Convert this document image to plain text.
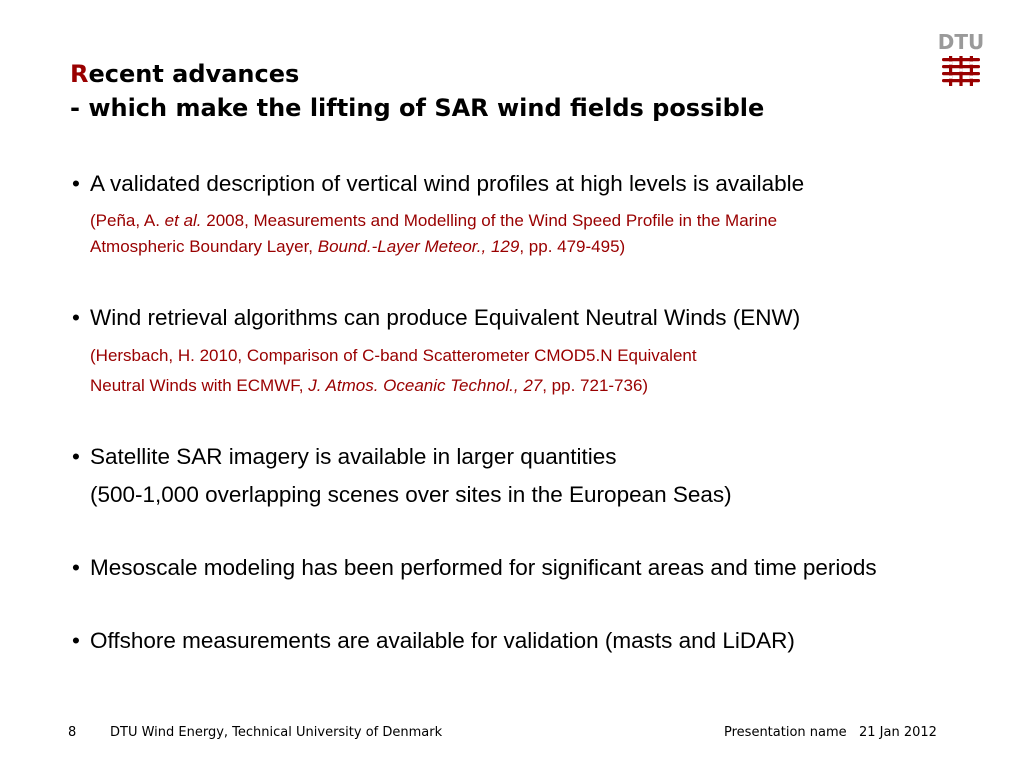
Recent advances
- which make the lifting of SAR wind fields possible
DTU
• A validated description of vertical wind profiles at high levels is available
(Peña, A. et al. 2008, Measurements and Modelling of the Wind Speed Profile in the Marine
Atmospheric Boundary Layer, Bound.-Layer Meteor., 129, pp. 479-495)
• Wind retrieval algorithms can produce Equivalent Neutral Winds (ENW)
(Hersbach, H. 2010, Comparison of C-band Scatterometer CMOD5.N Equivalent
Neutral Winds with ECMWF, J. Atmos. Oceanic Technol., 27, pp. 721-736)
• Satellite SAR imagery is available in larger quantities
(500-1,000 overlapping scenes over sites in the European Seas)
• Mesoscale modeling has been performed for significant areas and time periods
• Offshore measurements are available for validation (masts and LiDAR)
8	DTU Wind Energy, Technical University of Denmark	Presentation name 21 Jan 2012
